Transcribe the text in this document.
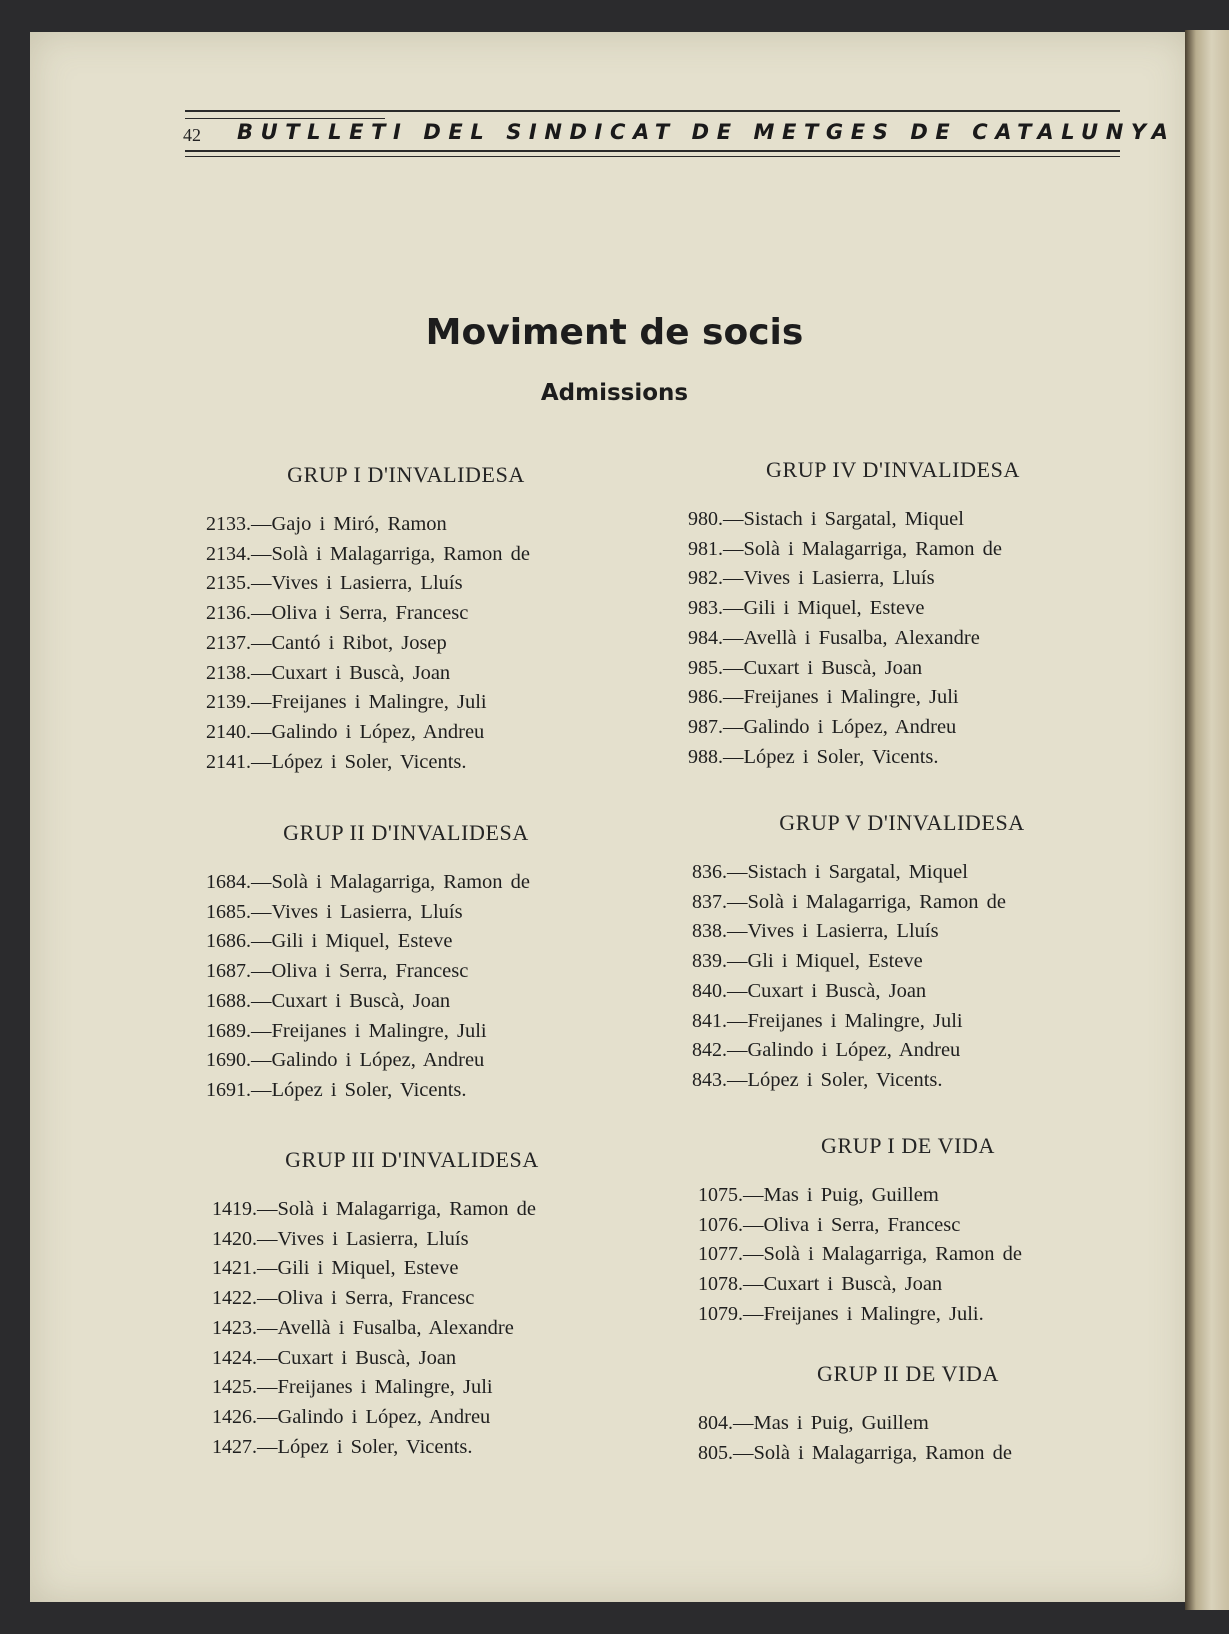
42 BUTLLETI DEL SINDICAT DE METGES DE CATALUNYA
Moviment de socis
Admissions
GRUP I D'INVALIDESA
2133.—Gajo i Miró, Ramon
2134.—Solà i Malagarriga, Ramon de
2135.—Vives i Lasierra, Lluís
2136.—Oliva i Serra, Francesc
2137.—Cantó i Ribot, Josep
2138.—Cuxart i Buscà, Joan
2139.—Freijanes i Malingre, Juli
2140.—Galindo i López, Andreu
2141.—López i Soler, Vicents.
GRUP II D'INVALIDESA
1684.—Solà i Malagarriga, Ramon de
1685.—Vives i Lasierra, Lluís
1686.—Gili i Miquel, Esteve
1687.—Oliva i Serra, Francesc
1688.—Cuxart i Buscà, Joan
1689.—Freijanes i Malingre, Juli
1690.—Galindo i López, Andreu
1691.—López i Soler, Vicents.
GRUP III D'INVALIDESA
1419.—Solà i Malagarriga, Ramon de
1420.—Vives i Lasierra, Lluís
1421.—Gili i Miquel, Esteve
1422.—Oliva i Serra, Francesc
1423.—Avellà i Fusalba, Alexandre
1424.—Cuxart i Buscà, Joan
1425.—Freijanes i Malingre, Juli
1426.—Galindo i López, Andreu
1427.—López i Soler, Vicents.
GRUP IV D'INVALIDESA
980.—Sistach i Sargatal, Miquel
981.—Solà i Malagarriga, Ramon de
982.—Vives i Lasierra, Lluís
983.—Gili i Miquel, Esteve
984.—Avellà i Fusalba, Alexandre
985.—Cuxart i Buscà, Joan
986.—Freijanes i Malingre, Juli
987.—Galindo i López, Andreu
988.—López i Soler, Vicents.
GRUP V D'INVALIDESA
836.—Sistach i Sargatal, Miquel
837.—Solà i Malagarriga, Ramon de
838.—Vives i Lasierra, Lluís
839.—Gli i Miquel, Esteve
840.—Cuxart i Buscà, Joan
841.—Freijanes i Malingre, Juli
842.—Galindo i López, Andreu
843.—López i Soler, Vicents.
GRUP I DE VIDA
1075.—Mas i Puig, Guillem
1076.—Oliva i Serra, Francesc
1077.—Solà i Malagarriga, Ramon de
1078.—Cuxart i Buscà, Joan
1079.—Freijanes i Malingre, Juli.
GRUP II DE VIDA
804.—Mas i Puig, Guillem
805.—Solà i Malagarriga, Ramon de
